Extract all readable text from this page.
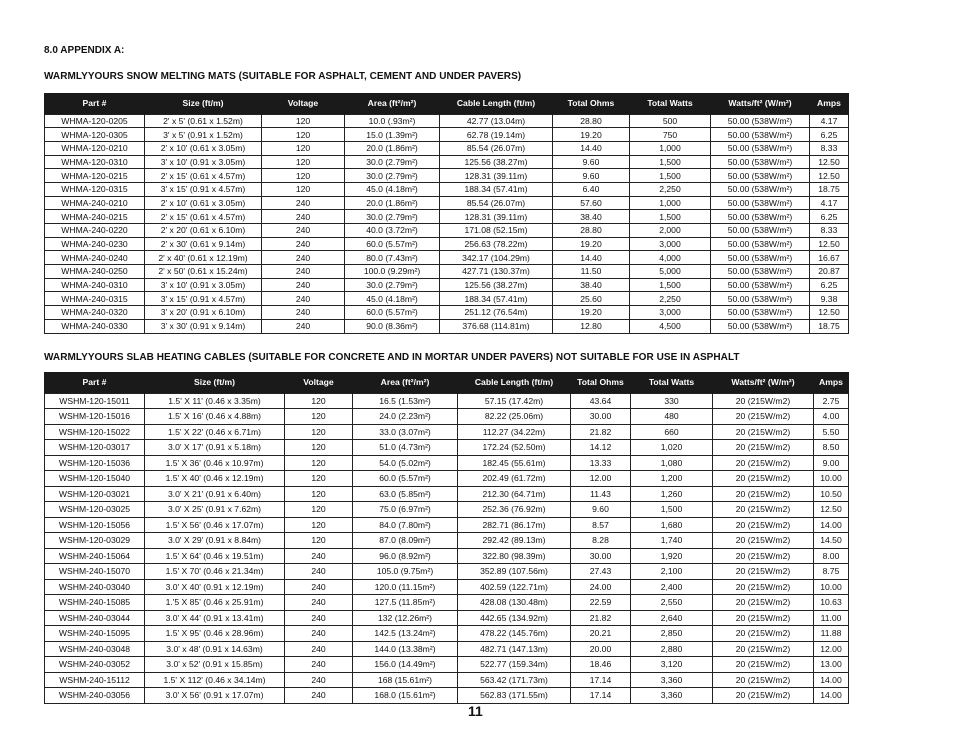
8.0 APPENDIX A:
WARMLYYOURS SNOW MELTING MATS (SUITABLE FOR ASPHALT, CEMENT AND UNDER PAVERS)
Part #	Size (ft/m)	Voltage	Area (ft²/m²)	Cable Length (ft/m)	Total Ohms	Total Watts	Watts/ft² (W/m²)	Amps
WHMA-120-0205	2' x 5' (0.61 x 1.52m)	120	10.0 (.93m²)	42.77 (13.04m)	28.80	500	50.00 (538W/m²)	4.17
WHMA-120-0305	3' x 5' (0.91 x 1.52m)	120	15.0 (1.39m²)	62.78 (19.14m)	19.20	750	50.00 (538W/m²)	6.25
WHMA-120-0210	2' x 10' (0.61 x 3.05m)	120	20.0 (1.86m²)	85.54 (26.07m)	14.40	1,000	50.00 (538W/m²)	8.33
WHMA-120-0310	3' x 10' (0.91 x 3.05m)	120	30.0 (2.79m²)	125.56 (38.27m)	9.60	1,500	50.00 (538W/m²)	12.50
WHMA-120-0215	2' x 15' (0.61 x 4.57m)	120	30.0 (2.79m²)	128.31 (39.11m)	9.60	1,500	50.00 (538W/m²)	12.50
WHMA-120-0315	3' x 15' (0.91 x 4.57m)	120	45.0 (4.18m²)	188.34 (57.41m)	6.40	2,250	50.00 (538W/m²)	18.75
WHMA-240-0210	2' x 10' (0.61 x 3.05m)	240	20.0 (1.86m²)	85.54 (26.07m)	57.60	1,000	50.00 (538W/m²)	4.17
WHMA-240-0215	2' x 15' (0.61 x 4.57m)	240	30.0 (2.79m²)	128.31 (39.11m)	38.40	1,500	50.00 (538W/m²)	6.25
WHMA-240-0220	2' x 20' (0.61 x 6.10m)	240	40.0 (3.72m²)	171.08 (52.15m)	28.80	2,000	50.00 (538W/m²)	8.33
WHMA-240-0230	2' x 30' (0.61 x 9.14m)	240	60.0 (5.57m²)	256.63 (78.22m)	19.20	3,000	50.00 (538W/m²)	12.50
WHMA-240-0240	2' x 40' (0.61 x 12.19m)	240	80.0 (7.43m²)	342.17 (104.29m)	14.40	4,000	50.00 (538W/m²)	16.67
WHMA-240-0250	2' x 50' (0.61 x 15.24m)	240	100.0 (9.29m²)	427.71 (130.37m)	11.50	5,000	50.00 (538W/m²)	20.87
WHMA-240-0310	3' x 10' (0.91 x 3.05m)	240	30.0 (2.79m²)	125.56 (38.27m)	38.40	1,500	50.00 (538W/m²)	6.25
WHMA-240-0315	3' x 15' (0.91 x 4.57m)	240	45.0 (4.18m²)	188.34 (57.41m)	25.60	2,250	50.00 (538W/m²)	9.38
WHMA-240-0320	3' x 20' (0.91 x 6.10m)	240	60.0 (5.57m²)	251.12 (76.54m)	19.20	3,000	50.00 (538W/m²)	12.50
WHMA-240-0330	3' x 30' (0.91 x 9.14m)	240	90.0 (8.36m²)	376.68 (114.81m)	12.80	4,500	50.00 (538W/m²)	18.75
WARMLYYOURS SLAB HEATING CABLES (SUITABLE FOR CONCRETE AND IN MORTAR UNDER PAVERS) NOT SUITABLE FOR USE IN ASPHALT
Part #	Size (ft/m)	Voltage	Area (ft²/m²)	Cable Length (ft/m)	Total Ohms	Total Watts	Watts/ft² (W/m²)	Amps
WSHM-120-15011	1.5' X 11' (0.46 x 3.35m)	120	16.5 (1.53m²)	57.15 (17.42m)	43.64	330	20 (215W/m2)	2.75
WSHM-120-15016	1.5' X 16' (0.46 x 4.88m)	120	24.0 (2.23m²)	82.22 (25.06m)	30.00	480	20 (215W/m2)	4.00
WSHM-120-15022	1.5' X 22' (0.46 x 6.71m)	120	33.0 (3.07m²)	112.27 (34.22m)	21.82	660	20 (215W/m2)	5.50
WSHM-120-03017	3.0' X 17' (0.91 x 5.18m)	120	51.0 (4.73m²)	172.24 (52.50m)	14.12	1,020	20 (215W/m2)	8.50
WSHM-120-15036	1.5' X 36' (0.46 x 10.97m)	120	54.0 (5.02m²)	182.45 (55.61m)	13.33	1,080	20 (215W/m2)	9.00
WSHM-120-15040	1.5' X 40' (0.46 x 12.19m)	120	60.0 (5.57m²)	202.49 (61.72m)	12.00	1,200	20 (215W/m2)	10.00
WSHM-120-03021	3.0' X 21' (0.91 x 6.40m)	120	63.0 (5.85m²)	212.30 (64.71m)	11.43	1,260	20 (215W/m2)	10.50
WSHM-120-03025	3.0' X 25' (0.91 x 7.62m)	120	75.0 (6.97m²)	252.36 (76.92m)	9.60	1,500	20 (215W/m2)	12.50
WSHM-120-15056	1.5' X 56' (0.46 x 17.07m)	120	84.0 (7.80m²)	282.71 (86.17m)	8.57	1,680	20 (215W/m2)	14.00
WSHM-120-03029	3.0' X 29' (0.91 x 8.84m)	120	87.0 (8.09m²)	292.42 (89.13m)	8.28	1,740	20 (215W/m2)	14.50
WSHM-240-15064	1.5' X 64' (0.46 x 19.51m)	240	96.0 (8.92m²)	322.80 (98.39m)	30.00	1,920	20 (215W/m2)	8.00
WSHM-240-15070	1.5' X 70' (0.46 x 21.34m)	240	105.0 (9.75m²)	352.89 (107.56m)	27.43	2,100	20 (215W/m2)	8.75
WSHM-240-03040	3.0' X 40' (0.91 x 12.19m)	240	120.0 (11.15m²)	402.59 (122.71m)	24.00	2,400	20 (215W/m2)	10.00
WSHM-240-15085	1.'5 X 85' (0.46 x 25.91m)	240	127.5 (11.85m²)	428.08 (130.48m)	22.59	2,550	20 (215W/m2)	10.63
WSHM-240-03044	3.0' X 44' (0.91 x 13.41m)	240	132 (12.26m²)	442.65 (134.92m)	21.82	2,640	20 (215W/m2)	11.00
WSHM-240-15095	1.5' X 95' (0.46 x 28.96m)	240	142.5 (13.24m²)	478.22 (145.76m)	20.21	2,850	20 (215W/m2)	11.88
WSHM-240-03048	3.0' x 48' (0.91 x 14.63m)	240	144.0 (13.38m²)	482.71 (147.13m)	20.00	2,880	20 (215W/m2)	12.00
WSHM-240-03052	3.0' x 52' (0.91 x 15.85m)	240	156.0 (14.49m²)	522.77 (159.34m)	18.46	3,120	20 (215W/m2)	13.00
WSHM-240-15112	1.5' X 112' (0.46 x 34.14m)	240	168 (15.61m²)	563.42 (171.73m)	17.14	3,360	20 (215W/m2)	14.00
WSHM-240-03056	3.0' X 56' (0.91 x 17.07m)	240	168.0 (15.61m²)	562.83 (171.55m)	17.14	3,360	20 (215W/m2)	14.00
11
